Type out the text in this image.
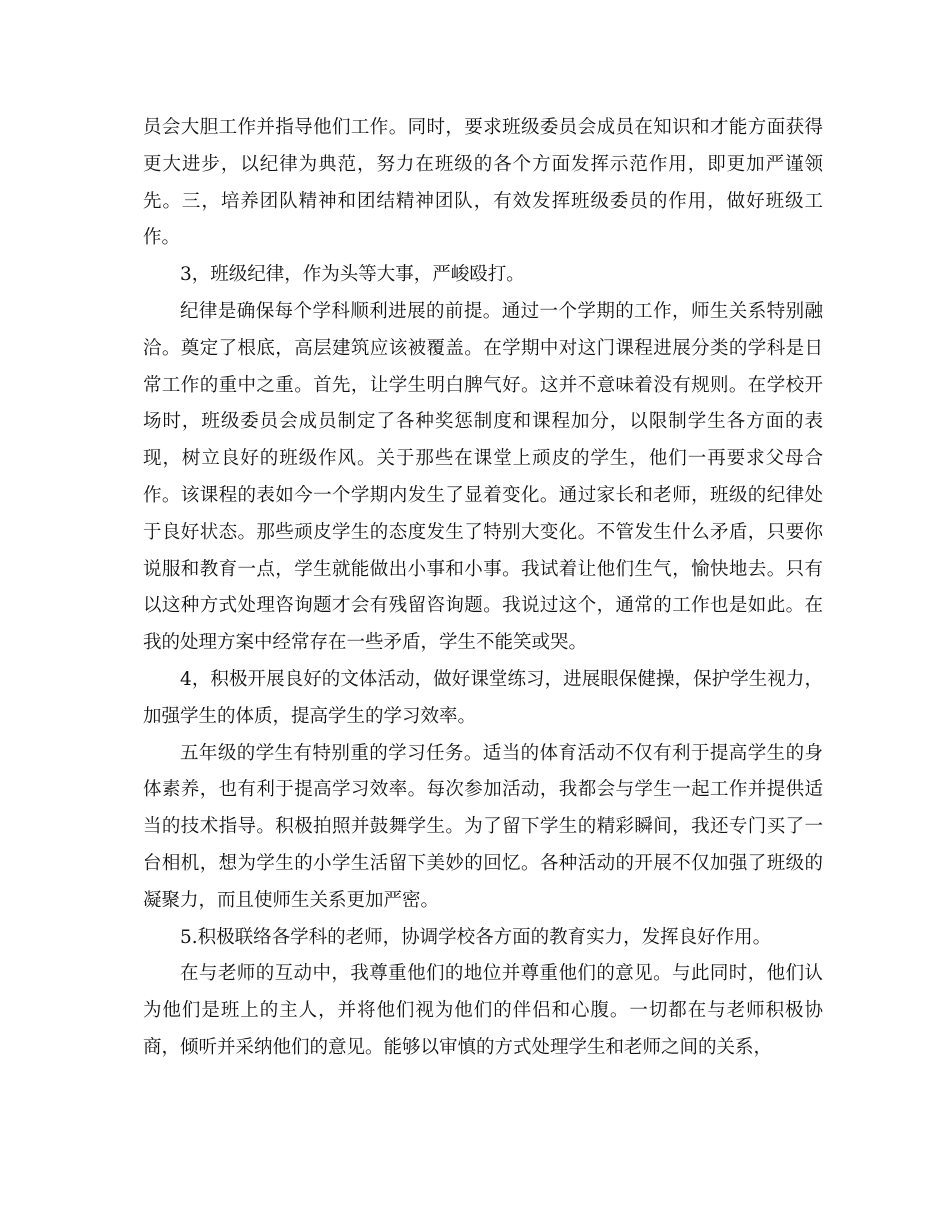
员会大胆工作并指导他们工作。同时，要求班级委员会成员在知识和才能方面获得更大进步，以纪律为典范，努力在班级的各个方面发挥示范作用，即更加严谨领先。三，培养团队精神和团结精神团队，有效发挥班级委员的作用，做好班级工作。

3，班级纪律，作为头等大事，严峻殴打。

纪律是确保每个学科顺利进展的前提。通过一个学期的工作，师生关系特别融洽。奠定了根底，高层建筑应该被覆盖。在学期中对这门课程进展分类的学科是日常工作的重中之重。首先，让学生明白脾气好。这并不意味着没有规则。在学校开场时，班级委员会成员制定了各种奖惩制度和课程加分，以限制学生各方面的表现，树立良好的班级作风。关于那些在课堂上顽皮的学生，他们一再要求父母合作。该课程的表如今一个学期内发生了显着变化。通过家长和老师，班级的纪律处于良好状态。那些顽皮学生的态度发生了特别大变化。不管发生什么矛盾，只要你说服和教育一点，学生就能做出小事和小事。我试着让他们生气，愉快地去。只有以这种方式处理咨询题才会有残留咨询题。我说过这个，通常的工作也是如此。在我的处理方案中经常存在一些矛盾，学生不能笑或哭。

4，积极开展良好的文体活动，做好课堂练习，进展眼保健操，保护学生视力，加强学生的体质，提高学生的学习效率。

五年级的学生有特别重的学习任务。适当的体育活动不仅有利于提高学生的身体素养，也有利于提高学习效率。每次参加活动，我都会与学生一起工作并提供适当的技术指导。积极拍照并鼓舞学生。为了留下学生的精彩瞬间，我还专门买了一台相机，想为学生的小学生活留下美妙的回忆。各种活动的开展不仅加强了班级的凝聚力，而且使师生关系更加严密。

5.积极联络各学科的老师，协调学校各方面的教育实力，发挥良好作用。

在与老师的互动中，我尊重他们的地位并尊重他们的意见。与此同时，他们认为他们是班上的主人，并将他们视为他们的伴侣和心腹。一切都在与老师积极协商，倾听并采纳他们的意见。能够以审慎的方式处理学生和老师之间的关系，
